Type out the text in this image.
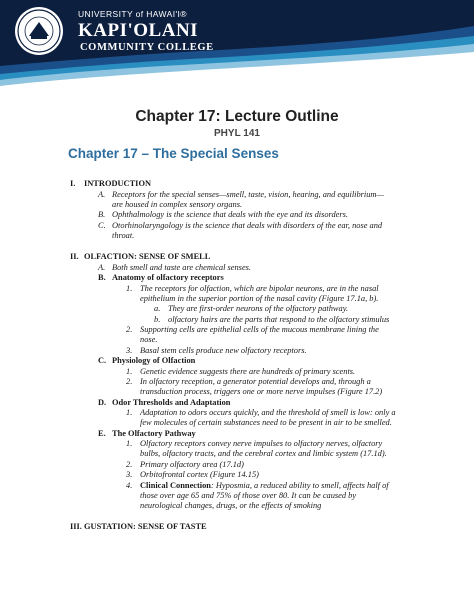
UNIVERSITY of HAWAI'I®
KAPI'OLANI
COMMUNITY COLLEGE
Chapter 17: Lecture Outline
PHYL 141
Chapter 17 – The Special Senses
I. INTRODUCTION
A. Receptors for the special senses—smell, taste, vision, hearing, and equilibrium—
are housed in complex sensory organs.
B. Ophthalmology is the science that deals with the eye and its disorders.
C. Otorhinolaryngology is the science that deals with disorders of the ear, nose and
throat.
II. OLFACTION: SENSE OF SMELL
A. Both smell and taste are chemical senses.
B. Anatomy of olfactory receptors
1. The receptors for olfaction, which are bipolar neurons, are in the nasal
epithelium in the superior portion of the nasal cavity (Figure 17.1a, b).
a. They are first-order neurons of the olfactory pathway.
b. olfactory hairs are the parts that respond to the olfactory stimulus
2. Supporting cells are epithelial cells of the mucous membrane lining the
nose.
3. Basal stem cells produce new olfactory receptors.
C. Physiology of Olfaction
1. Genetic evidence suggests there are hundreds of primary scents.
2. In olfactory reception, a generator potential develops and, through a
transduction process, triggers one or more nerve impulses (Figure 17.2)
D. Odor Thresholds and Adaptation
1. Adaptation to odors occurs quickly, and the threshold of smell is low: only a
few molecules of certain substances need to be present in air to be smelled.
E. The Olfactory Pathway
1. Olfactory receptors convey nerve impulses to olfactory nerves, olfactory
bulbs, olfactory tracts, and the cerebral cortex and limbic system (17.1d).
2. Primary olfactory area (17.1d)
3. Orbitofrontal cortex (Figure 14.15)
4. Clinical Connection: Hyposmia, a reduced ability to smell, affects half of
those over age 65 and 75% of those over 80. It can be caused by
neurological changes, drugs, or the effects of smoking
III. GUSTATION: SENSE OF TASTE
